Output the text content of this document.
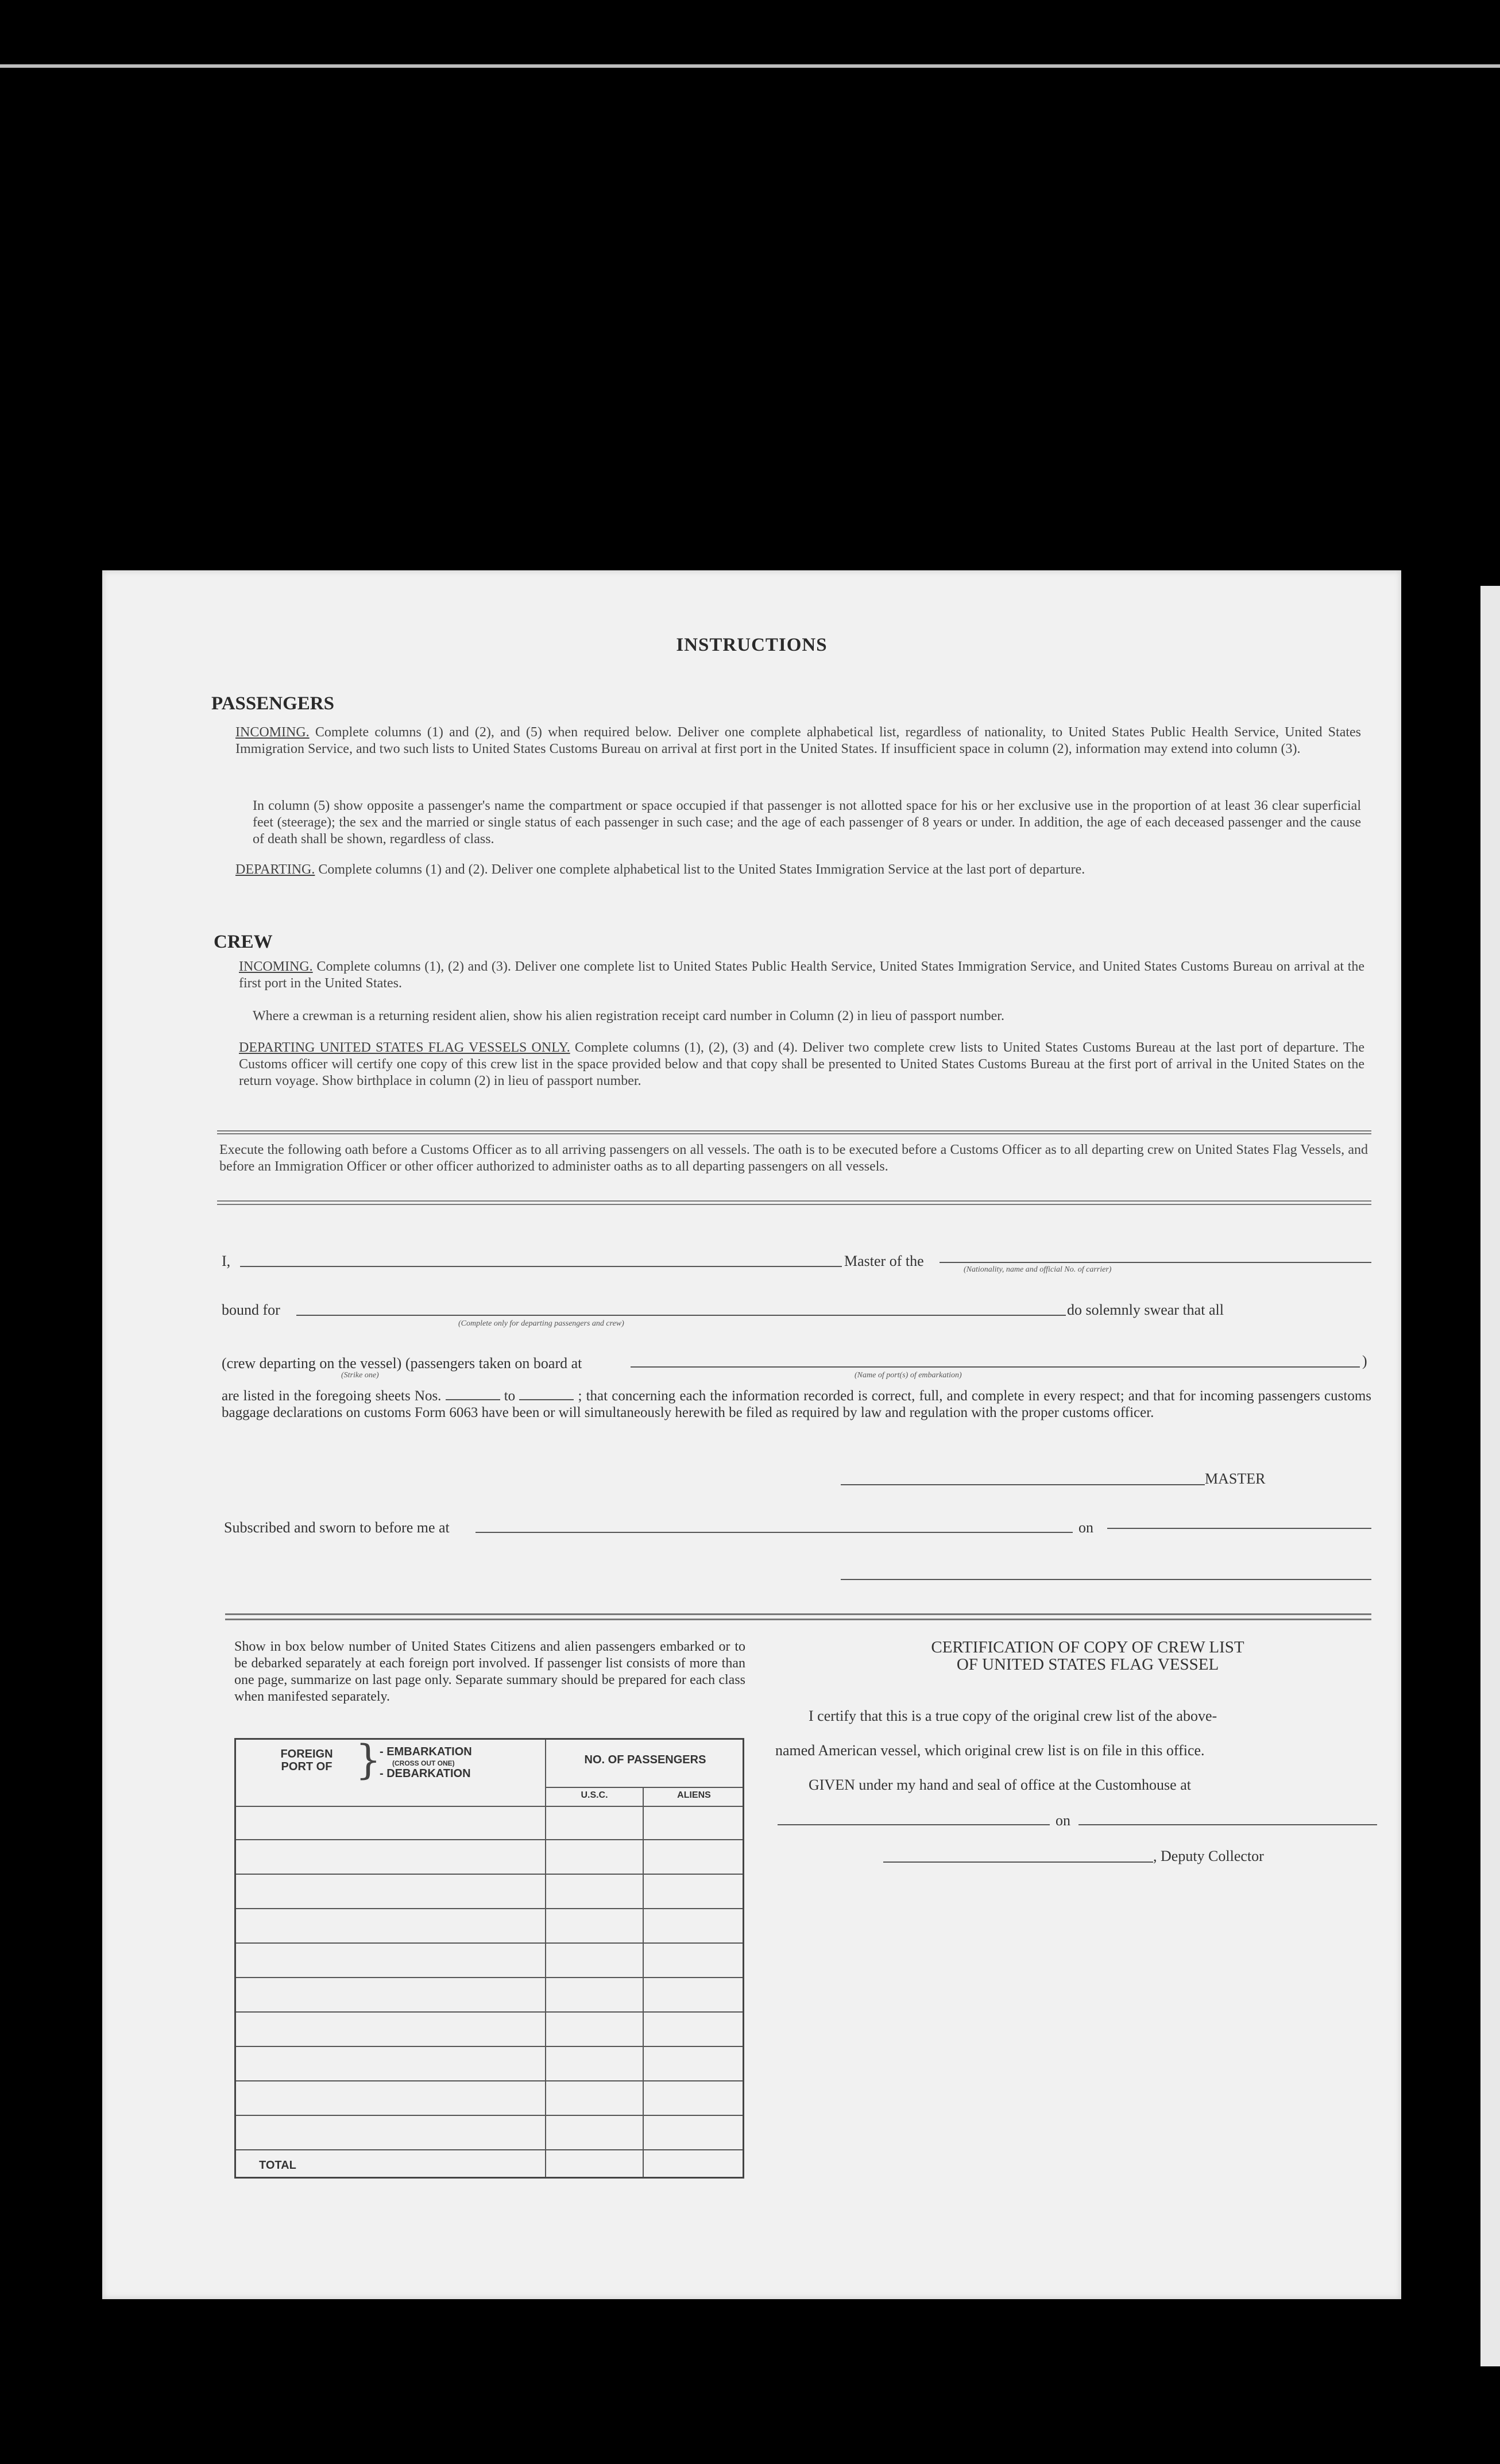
INSTRUCTIONS
PASSENGERS
INCOMING. Complete columns (1) and (2), and (5) when required below. Deliver one complete alphabetical list, regardless of nationality, to United States Public Health Service, United States Immigration Service, and two such lists to United States Customs Bureau on arrival at first port in the United States. If insufficient space in column (2), information may extend into column (3).
In column (5) show opposite a passenger's name the compartment or space occupied if that passenger is not allotted space for his or her exclusive use in the proportion of at least 36 clear superficial feet (steerage); the sex and the married or single status of each passenger in such case; and the age of each passenger of 8 years or under. In addition, the age of each deceased passenger and the cause of death shall be shown, regardless of class.
DEPARTING. Complete columns (1) and (2). Deliver one complete alphabetical list to the United States Immigration Service at the last port of departure.
CREW
INCOMING. Complete columns (1), (2) and (3). Deliver one complete list to United States Public Health Service, United States Immigration Service, and United States Customs Bureau on arrival at the first port in the United States.
Where a crewman is a returning resident alien, show his alien registration receipt card number in Column (2) in lieu of passport number.
DEPARTING UNITED STATES FLAG VESSELS ONLY. Complete columns (1), (2), (3) and (4). Deliver two complete crew lists to United States Customs Bureau at the last port of departure. The Customs officer will certify one copy of this crew list in the space provided below and that copy shall be presented to United States Customs Bureau at the first port of arrival in the United States on the return voyage. Show birthplace in column (2) in lieu of passport number.
Execute the following oath before a Customs Officer as to all arriving passengers on all vessels. The oath is to be executed before a Customs Officer as to all departing crew on United States Flag Vessels, and before an Immigration Officer or other officer authorized to administer oaths as to all departing passengers on all vessels.
I,	Master of the
(Nationality, name and official No. of carrier)
bound for
(Complete only for departing passengers and crew)
do solemnly swear that all
(crew departing on the vessel) (passengers taken on board at
(Strike one)	(Name of port(s) of embarkation)
)
are listed in the foregoing sheets Nos.	to	; that concerning each the information recorded is correct, full, and complete in every respect; and that for incoming passengers customs baggage declarations on customs Form 6063 have been or will simultaneously herewith be filed as required by law and regulation with the proper customs officer.
MASTER
Subscribed and sworn to before me at	on
Show in box below number of United States Citizens and alien passengers embarked or to be debarked separately at each foreign port involved. If passenger list consists of more than one page, summarize on last page only. Separate summary should be prepared for each class when manifested separately.
FOREIGN PORT OF }
- EMBARKATION
(CROSS OUT ONE)
- DEBARKATION
NO. OF PASSENGERS
U.S.C.	ALIENS
TOTAL
CERTIFICATION OF COPY OF CREW LIST
OF UNITED STATES FLAG VESSEL
I certify that this is a true copy of the original crew list of the above-
named American vessel, which original crew list is on file in this office.
GIVEN under my hand and seal of office at the Customhouse at
on
, Deputy Collector
